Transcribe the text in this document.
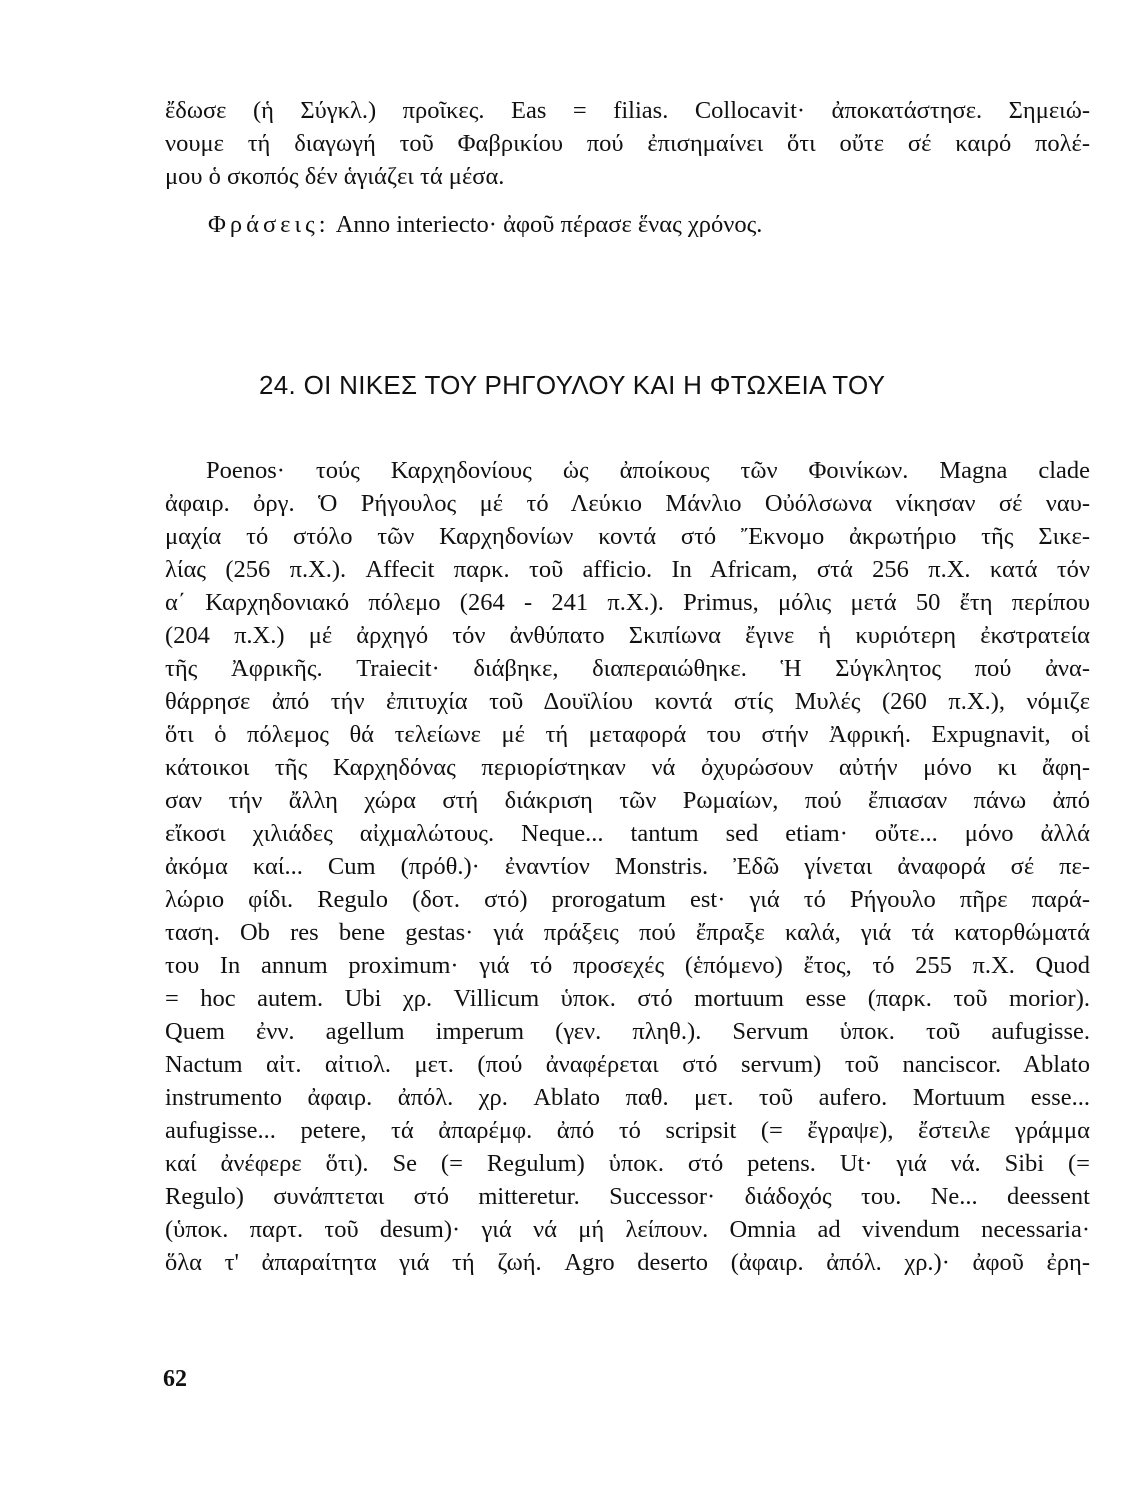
ἔδωσε (ἡ Σύγκλ.) προῖκες. Eas = filias. Collocavit· ἀποκατάστησε. Σημειώ-
νουμε τή διαγωγή τοῦ Φαβρικίου πού ἐπισημαίνει ὅτι οὔτε σέ καιρό πολέ-
μου ὁ σκοπός δέν ἁγιάζει τά μέσα.
Φράσεις: Anno interiecto· ἀφοῦ πέρασε ἕνας χρόνος.
24. ΟΙ ΝΙΚΕΣ ΤΟΥ ΡΗΓΟΥΛΟΥ ΚΑΙ Η ΦΤΩΧΕΙΑ ΤΟΥ
Poenos· τούς Καρχηδονίους ὡς ἀποίκους τῶν Φοινίκων. Magna clade
ἀφαιρ. ὀργ. Ὁ Ρήγουλος μέ τό Λεύκιο Μάνλιο Οὐόλσωνα νίκησαν σέ ναυ-
μαχία τό στόλο τῶν Καρχηδονίων κοντά στό Ἔκνομο ἀκρωτήριο τῆς Σικε-
λίας (256 π.Χ.). Affecit παρκ. τοῦ afficio. In Africam, στά 256 π.Χ. κατά τόν
α΄ Καρχηδονιακό πόλεμο (264 - 241 π.Χ.). Primus, μόλις μετά 50 ἔτη περίπου
(204 π.Χ.) μέ ἀρχηγό τόν ἀνθύπατο Σκιπίωνα ἔγινε ἡ κυριότερη ἐκστρατεία
τῆς Ἀφρικῆς. Traiecit· διάβηκε, διαπεραιώθηκε. Ἡ Σύγκλητος πού ἀνα-
θάρρησε ἀπό τήν ἐπιτυχία τοῦ Δουϊλίου κοντά στίς Μυλές (260 π.Χ.), νόμιζε
ὅτι ὁ πόλεμος θά τελείωνε μέ τή μεταφορά του στήν Ἀφρική. Expugnavit, οἱ
κάτοικοι τῆς Καρχηδόνας περιορίστηκαν νά ὀχυρώσουν αὐτήν μόνο κι ἄφη-
σαν τήν ἄλλη χώρα στή διάκριση τῶν Ρωμαίων, πού ἔπιασαν πάνω ἀπό
εἴκοσι χιλιάδες αἰχμαλώτους. Neque... tantum sed etiam· οὔτε... μόνο ἀλλά
ἀκόμα καί... Cum (πρόθ.)· ἐναντίον Monstris. Ἐδῶ γίνεται ἀναφορά σέ πε-
λώριο φίδι. Regulo (δοτ. στό) prorogatum est· γιά τό Ρήγουλο πῆρε παρά-
ταση. Ob res bene gestas· γιά πράξεις πού ἔπραξε καλά, γιά τά κατορθώματά
του In annum proximum· γιά τό προσεχές (ἑπόμενο) ἔτος, τό 255 π.Χ. Quod
= hoc autem. Ubi χρ. Villicum ὑποκ. στό mortuum esse (παρκ. τοῦ morior).
Quem ἐνν. agellum imperum (γεν. πληθ.). Servum ὑποκ. τοῦ aufugisse.
Nactum αἰτ. αἰτιολ. μετ. (πού ἀναφέρεται στό servum) τοῦ nanciscor. Ablato
instrumento ἀφαιρ. ἀπόλ. χρ. Ablato παθ. μετ. τοῦ aufero. Mortuum esse...
aufugisse... petere, τά ἀπαρέμφ. ἀπό τό scripsit (= ἔγραψε), ἔστειλε γράμμα
καί ἀνέφερε ὅτι). Se (= Regulum) ὑποκ. στό petens. Ut· γιά νά. Sibi (=
Regulo) συνάπτεται στό mitteretur. Successor· διάδοχός του. Ne... deessent
(ὑποκ. παρτ. τοῦ desum)· γιά νά μή λείπουν. Omnia ad vivendum necessaria·
ὅλα τ' ἀπαραίτητα γιά τή ζωή. Agro deserto (ἀφαιρ. ἀπόλ. χρ.)· ἀφοῦ ἐρη-
62
